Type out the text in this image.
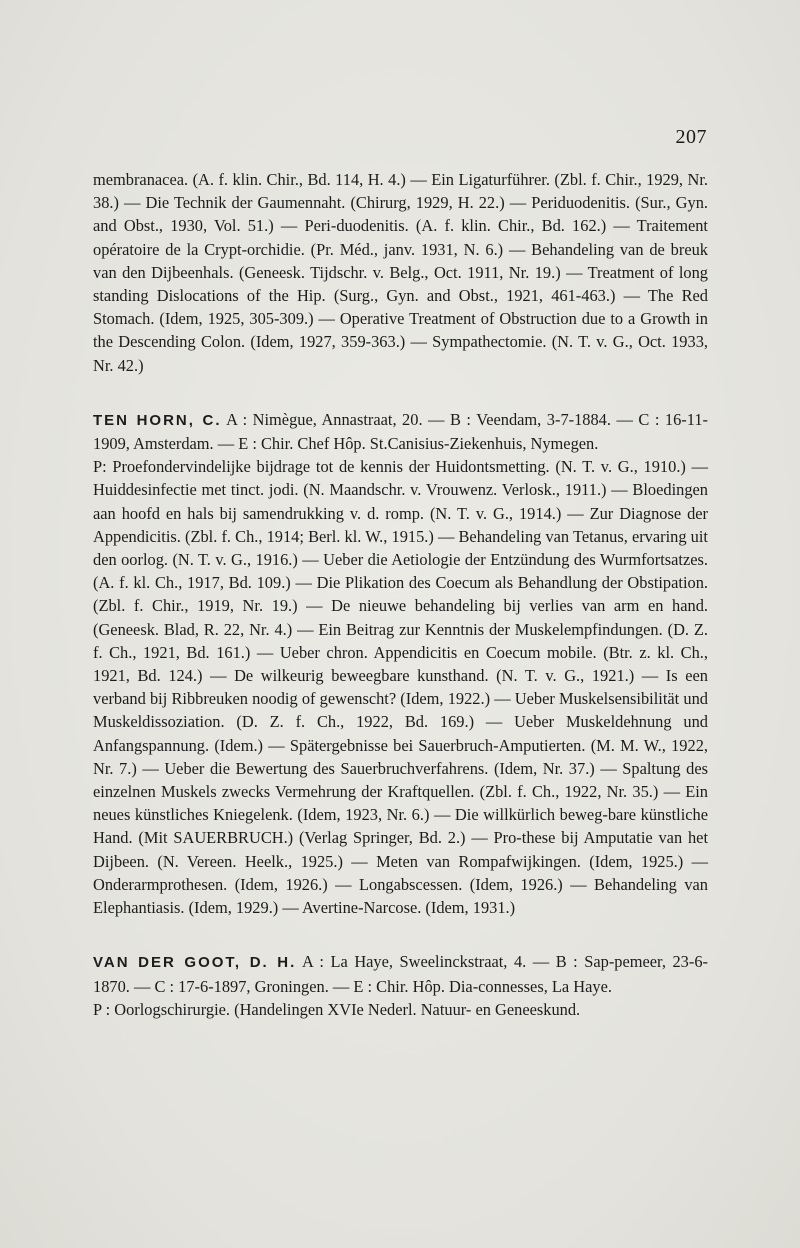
207

membranacea. (A. f. klin. Chir., Bd. 114, H. 4.) — Ein Ligaturführer. (Zbl. f. Chir., 1929, Nr. 38.) — Die Technik der Gaumennaht. (Chirurg, 1929, H. 22.) — Periduodenitis. (Sur., Gyn. and Obst., 1930, Vol. 51.) — Peri-duodenitis. (A. f. klin. Chir., Bd. 162.) — Traitement opératoire de la Crypt-orchidie. (Pr. Méd., janv. 1931, N. 6.) — Behandeling van de breuk van den Dijbeenhals. (Geneesk. Tijdschr. v. Belg., Oct. 1911, Nr. 19.) — Treatment of long standing Dislocations of the Hip. (Surg., Gyn. and Obst., 1921, 461-463.) — The Red Stomach. (Idem, 1925, 305-309.) — Operative Treatment of Obstruction due to a Growth in the Descending Colon. (Idem, 1927, 359-363.) — Sympathectomie. (N. T. v. G., Oct. 1933, Nr. 42.)

TEN HORN, C. A : Nimègue, Annastraat, 20. — B : Veendam, 3-7-1884. — C : 16-11-1909, Amsterdam. — E : Chir. Chef Hôp. St.Canisius-Ziekenhuis, Nymegen.

P: Proefondervindelijke bijdrage tot de kennis der Huidontsmetting. (N. T. v. G., 1910.) — Huiddesinfectie met tinct. jodi. (N. Maandschr. v. Vrouwenz. Verlosk., 1911.) — Bloedingen aan hoofd en hals bij samendrukking v. d. romp. (N. T. v. G., 1914.) — Zur Diagnose der Appendicitis. (Zbl. f. Ch., 1914; Berl. kl. W., 1915.) — Behandeling van Tetanus, ervaring uit den oorlog. (N. T. v. G., 1916.) — Ueber die Aetiologie der Entzündung des Wurmfortsatzes. (A. f. kl. Ch., 1917, Bd. 109.) — Die Plikation des Coecum als Behandlung der Obstipation. (Zbl. f. Chir., 1919, Nr. 19.) — De nieuwe behandeling bij verlies van arm en hand. (Geneesk. Blad, R. 22, Nr. 4.) — Ein Beitrag zur Kenntnis der Muskelempfindungen. (D. Z. f. Ch., 1921, Bd. 161.) — Ueber chron. Appendicitis en Coecum mobile. (Btr. z. kl. Ch., 1921, Bd. 124.) — De wilkeurig beweegbare kunsthand. (N. T. v. G., 1921.) — Is een verband bij Ribbreuken noodig of gewenscht? (Idem, 1922.) — Ueber Muskelsensibilität und Muskeldissoziation. (D. Z. f. Ch., 1922, Bd. 169.) — Ueber Muskeldehnung und Anfangspannung. (Idem.) — Spätergebnisse bei Sauerbruch-Amputierten. (M. M. W., 1922, Nr. 7.) — Ueber die Bewertung des Sauerbruchverfahrens. (Idem, Nr. 37.) — Spaltung des einzelnen Muskels zwecks Vermehrung der Kraftquellen. (Zbl. f. Ch., 1922, Nr. 35.) — Ein neues künstliches Kniegelenk. (Idem, 1923, Nr. 6.) — Die willkürlich beweg-bare künstliche Hand. (Mit SAUERBRUCH.) (Verlag Springer, Bd. 2.) — Pro-these bij Amputatie van het Dijbeen. (N. Vereen. Heelk., 1925.) — Meten van Rompafwijkingen. (Idem, 1925.) — Onderarmprothesen. (Idem, 1926.) — Longabscessen. (Idem, 1926.) — Behandeling van Elephantiasis. (Idem, 1929.) — Avertine-Narcose. (Idem, 1931.)

VAN DER GOOT, D. H. A : La Haye, Sweelinckstraat, 4. — B : Sap-pemeer, 23-6-1870. — C : 17-6-1897, Groningen. — E : Chir. Hôp. Dia-connesses, La Haye.

P : Oorlogschirurgie. (Handelingen XVIe Nederl. Natuur- en Geneeskund.
